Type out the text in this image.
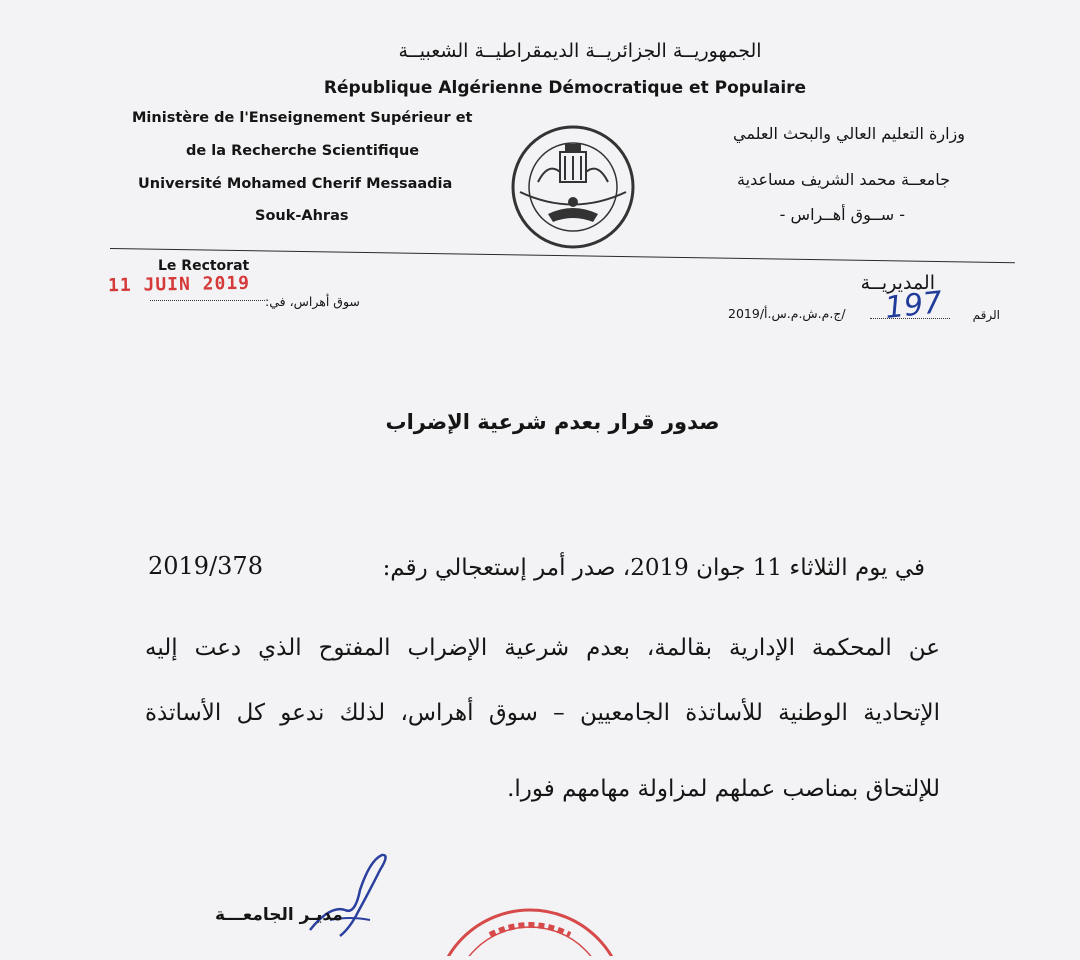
الجمهوريــة الجزائريــة الديمقراطيــة الشعبيــة
République Algérienne Démocratique et Populaire
Ministère de l'Enseignement Supérieur et
de la Recherche Scientifique
Université Mohamed Cherif Messaadia
Souk-Ahras
وزارة التعليم العالي والبحث العلمي
جامعــة محمد الشريف مساعدية
- ســوق أهــراس -
Le Rectorat
11 JUIN 2019
سوق أهراس، في:
المديريــة
الرقم
197
/ج.م.ش.م.س.أ/2019
صدور قرار بعدم شرعية الإضراب
في يوم الثلاثاء 11 جوان 2019، صدر أمر إستعجالي رقم:
2019/378
عن المحكمة الإدارية بقالمة، بعدم شرعية الإضراب المفتوح الذي دعت إليه
الإتحادية الوطنية للأساتذة الجامعيين – سوق أهراس، لذلك ندعو كل الأساتذة
للإلتحاق بمناصب عملهم لمزاولة مهامهم فورا.
مديـر الجامعـــة
